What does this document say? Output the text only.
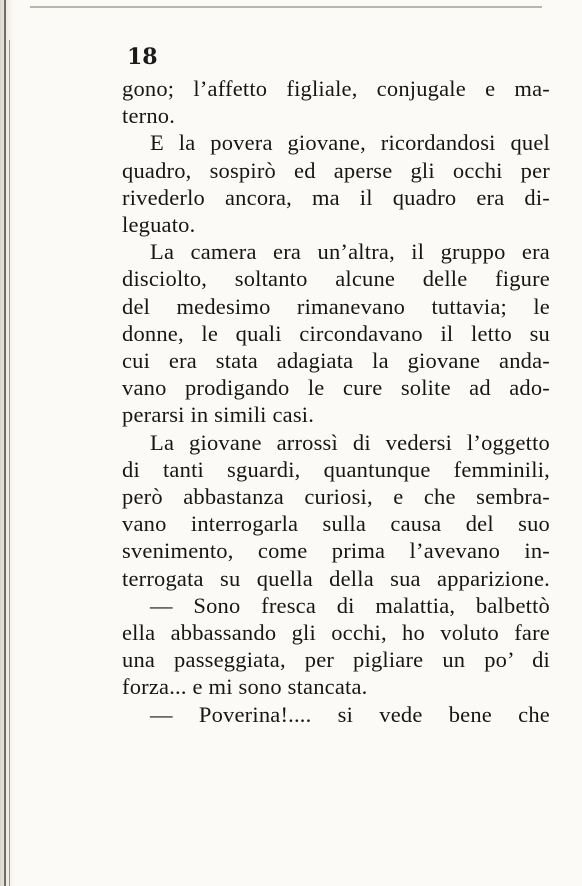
18
gono; l’affetto figliale, conjugale e ma-
terno.
E la povera giovane, ricordandosi quel
quadro, sospirò ed aperse gli occhi per
rivederlo ancora, ma il quadro era di-
leguato.
La camera era un’altra, il gruppo era
disciolto, soltanto alcune delle figure
del medesimo rimanevano tuttavia; le
donne, le quali circondavano il letto su
cui era stata adagiata la giovane anda-
vano prodigando le cure solite ad ado-
perarsi in simili casi.
La giovane arrossì di vedersi l’oggetto
di tanti sguardi, quantunque femminili,
però abbastanza curiosi, e che sembra-
vano interrogarla sulla causa del suo
svenimento, come prima l’avevano in-
terrogata su quella della sua apparizione.
— Sono fresca di malattia, balbettò
ella abbassando gli occhi, ho voluto fare
una passeggiata, per pigliare un po’ di
forza... e mi sono stancata.
— Poverina!.... si vede bene che
